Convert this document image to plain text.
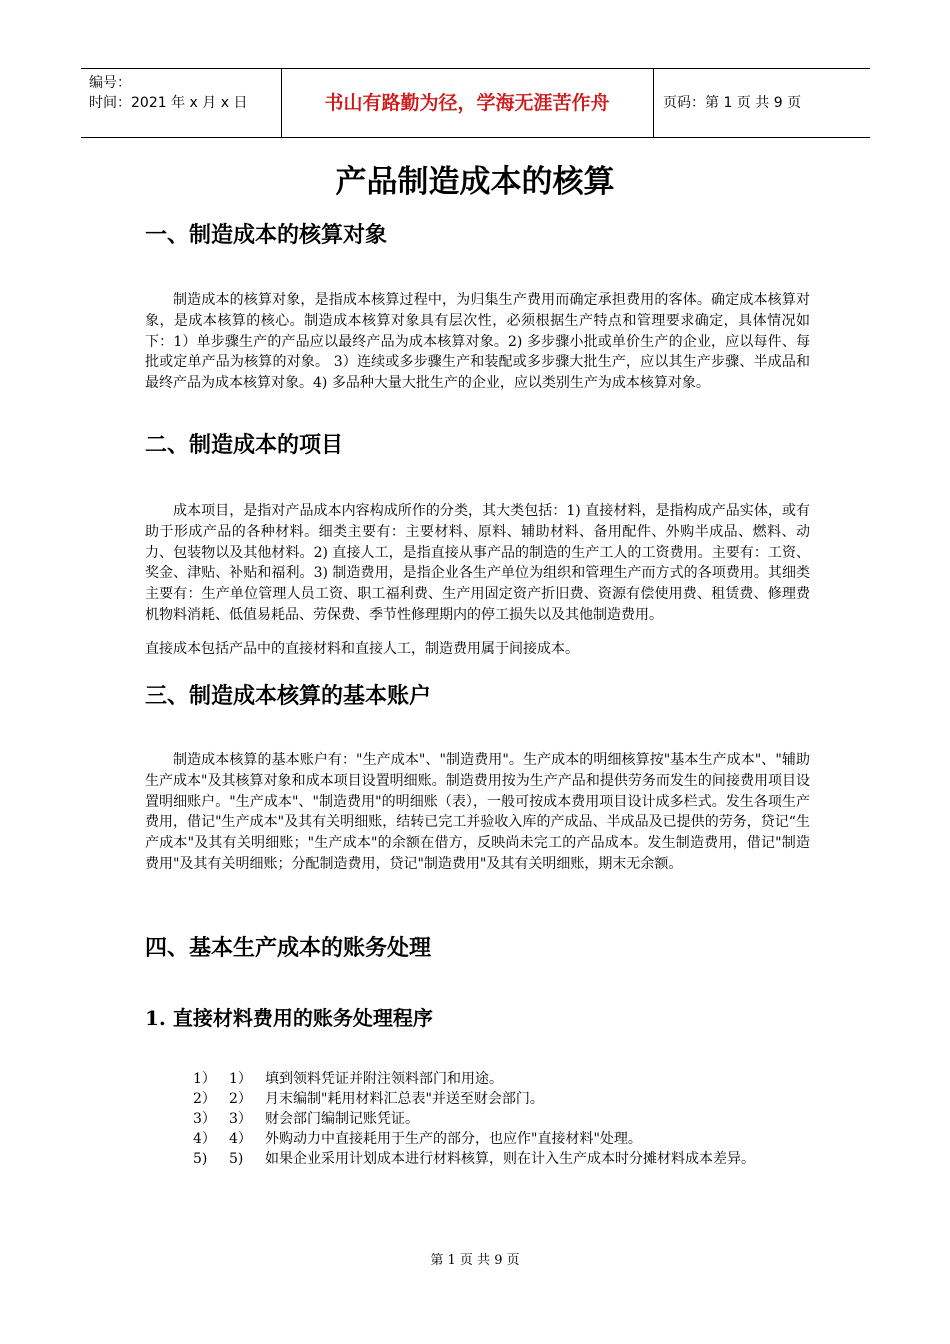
编号：
时间：2021 年 x 月 x 日	书山有路勤为径，学海无涯苦作舟	页码：第 1 页 共 9 页
产品制造成本的核算
一、制造成本的核算对象

制造成本的核算对象，是指成本核算过程中，为归集生产费用而确定承担费用的客体。确定成本核算对象，是成本核算的核心。制造成本核算对象具有层次性，必须根据生产特点和管理要求确定，具体情况如下：1）单步骤生产的产品应以最终产品为成本核算对象。2) 多步骤小批或单价生产的企业，应以每件、每批或定单产品为核算的对象。 3）连续或多步骤生产和装配或多步骤大批生产，应以其生产步骤、半成品和最终产品为成本核算对象。4) 多品种大量大批生产的企业，应以类别生产为成本核算对象。

二、制造成本的项目

成本项目，是指对产品成本内容构成所作的分类，其大类包括：1) 直接材料，是指构成产品实体，或有助于形成产品的各种材料。细类主要有：主要材料、原料、辅助材料、备用配件、外购半成品、燃料、动力、包装物以及其他材料。2) 直接人工，是指直接从事产品的制造的生产工人的工资费用。主要有：工资、奖金、津贴、补贴和福利。3) 制造费用，是指企业各生产单位为组织和管理生产而方式的各项费用。其细类主要有：生产单位管理人员工资、职工福利费、生产用固定资产折旧费、资源有偿使用费、租赁费、修理费机物料消耗、低值易耗品、劳保费、季节性修理期内的停工损失以及其他制造费用。

直接成本包括产品中的直接材料和直接人工，制造费用属于间接成本。

三、制造成本核算的基本账户

制造成本核算的基本账户有："生产成本"、"制造费用"。生产成本的明细核算按"基本生产成本"、"辅助生产成本"及其核算对象和成本项目设置明细账。制造费用按为生产产品和提供劳务而发生的间接费用项目设置明细账户。"生产成本"、"制造费用"的明细账（表），一般可按成本费用项目设计成多栏式。发生各项生产费用，借记"生产成本"及其有关明细账，结转已完工并验收入库的产成品、半成品及已提供的劳务，贷记“生产成本"及其有关明细账；"生产成本"的余额在借方，反映尚未完工的产品成本。发生制造费用，借记"制造费用"及其有关明细账；分配制造费用，贷记"制造费用"及其有关明细账，期末无余额。

四、基本生产成本的账务处理
1. 直接材料费用的账务处理程序
1） 1） 填到领料凭证并附注领料部门和用途。
2） 2） 月末编制"耗用材料汇总表"并送至财会部门。
3） 3） 财会部门编制记账凭证。
4） 4） 外购动力中直接耗用于生产的部分，也应作"直接材料"处理。
5)	5)	如果企业采用计划成本进行材料核算，则在计入生产成本时分摊材料成本差异。
第 1 页 共 9 页
